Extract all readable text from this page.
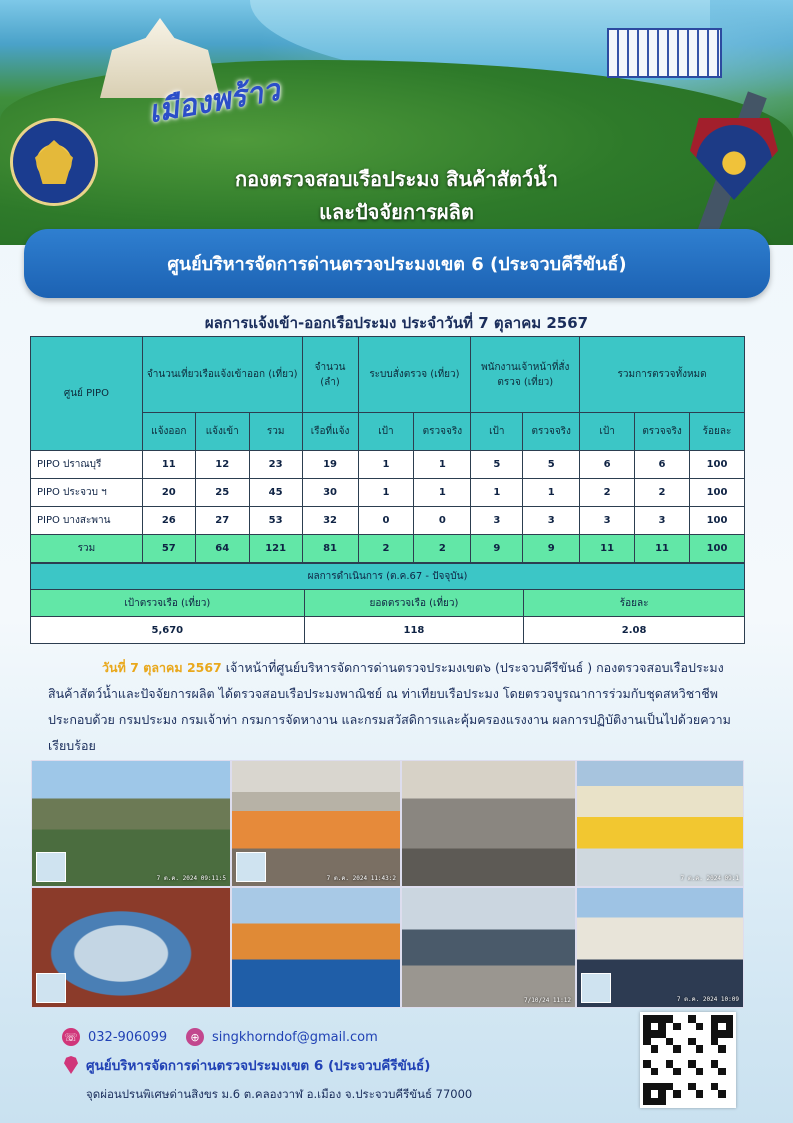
เมืองพร้าว
กองตรวจสอบเรือประมง สินค้าสัตว์น้ำ
และปัจจัยการผลิต
ศูนย์บริหารจัดการด่านตรวจประมงเขต 6 (ประจวบคีรีขันธ์)
ผลการแจ้งเข้า-ออกเรือประมง ประจำวันที่ 7 ตุลาคม 2567
ศูนย์ PIPO	จำนวนเที่ยวเรือแจ้งเข้าออก (เที่ยว)			จำนวน (ลำ)	ระบบสั่งตรวจ (เที่ยว)		พนักงานเจ้าหน้าที่สั่งตรวจ (เที่ยว)		รวมการตรวจทั้งหมด		
	แจ้งออก	แจ้งเข้า	รวม	เรือที่แจ้ง	เป้า	ตรวจจริง	เป้า	ตรวจจริง	เป้า	ตรวจจริง	ร้อยละ
PIPO ปราณบุรี	11	12	23	19	1	1	5	5	6	6	100
PIPO ประจวบ ฯ	20	25	45	30	1	1	1	1	2	2	100
PIPO บางสะพาน	26	27	53	32	0	0	3	3	3	3	100
รวม	57	64	121	81	2	2	9	9	11	11	100
ผลการดำเนินการ (ต.ค.67 - ปัจจุบัน)		
เป้าตรวจเรือ (เที่ยว)	ยอดตรวจเรือ (เที่ยว)	ร้อยละ
5,670	118	2.08
วันที่ 7 ตุลาคม 2567 เจ้าหน้าที่ศูนย์บริหารจัดการด่านตรวจประมงเขต๖ (ประจวบคีรีขันธ์ ) กองตรวจสอบเรือประมง สินค้าสัตว์น้ำและปัจจัยการผลิต ได้ตรวจสอบเรือประมงพาณิชย์ ณ ท่าเทียบเรือประมง โดยตรวจบูรณาการร่วมกับชุดสหวิชาชีพ ประกอบด้วย กรมประมง กรมเจ้าท่า กรมการจัดหางาน และกรมสวัสดิการและคุ้มครองแรงงาน ผลการปฏิบัติงานเป็นไปด้วยความเรียบร้อย
7 ต.ค. 2024 09:11:5	7 ต.ค. 2024 11:43:2	7 ต.ค. 2024 09:1
7/10/24 11:12	7 ต.ค. 2024 10:09
☏ 032-906099	⊕ singkhorndof@gmail.com
ศูนย์บริหารจัดการด่านตรวจประมงเขต 6 (ประจวบคีรีขันธ์)
จุดผ่อนปรนพิเศษด่านสิงขร ม.6 ต.คลองวาฬ อ.เมือง จ.ประจวบคีรีขันธ์ 77000
